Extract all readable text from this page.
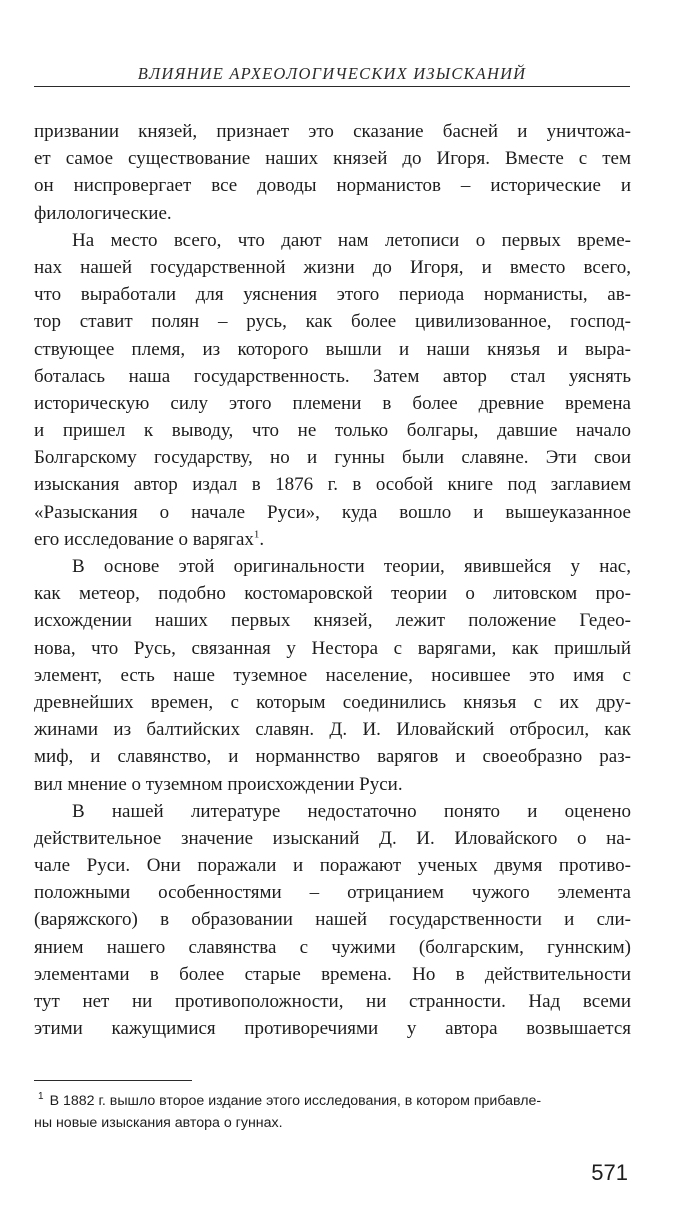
ВЛИЯНИЕ АРХЕОЛОГИЧЕСКИХ ИЗЫСКАНИЙ
призвании князей, признает это сказание басней и уничтожа-
ет самое существование наших князей до Игоря. Вместе с тем
он ниспровергает все доводы норманистов – исторические и
филологические.
На место всего, что дают нам летописи о первых време-
нах нашей государственной жизни до Игоря, и вместо всего,
что выработали для уяснения этого периода норманисты, ав-
тор ставит полян – русь, как более цивилизованное, господ-
ствующее племя, из которого вышли и наши князья и выра-
боталась наша государственность. Затем автор стал уяснять
историческую силу этого племени в более древние времена
и пришел к выводу, что не только болгары, давшие начало
Болгарскому государству, но и гунны были славяне. Эти свои
изыскания автор издал в 1876 г. в особой книге под заглавием
«Разыскания о начале Руси», куда вошло и вышеуказанное
его исследование о варягах$^1$.
В основе этой оригинальности теории, явившейся у нас,
как метеор, подобно костомаровской теории о литовском про-
исхождении наших первых князей, лежит положение Гедео-
нова, что Русь, связанная у Нестора с варягами, как пришлый
элемент, есть наше туземное население, носившее это имя с
древнейших времен, с которым соединились князья с их дру-
жинами из балтийских славян. Д. И. Иловайский отбросил, как
миф, и славянство, и норманнство варягов и своеобразно раз-
вил мнение о туземном происхождении Руси.
В нашей литературе недостаточно понято и оценено
действительное значение изысканий Д. И. Иловайского о на-
чале Руси. Они поражали и поражают ученых двумя противо-
положными особенностями – отрицанием чужого элемента
(варяжского) в образовании нашей государственности и сли-
янием нашего славянства с чужими (болгарским, гуннским)
элементами в более старые времена. Но в действительности
тут нет ни противоположности, ни странности. Над всеми
этими кажущимися противоречиями у автора возвышается
$^1$ В 1882 г. вышло второе издание этого исследования, в котором прибавле-
ны новые изыскания автора о гуннах.
571
